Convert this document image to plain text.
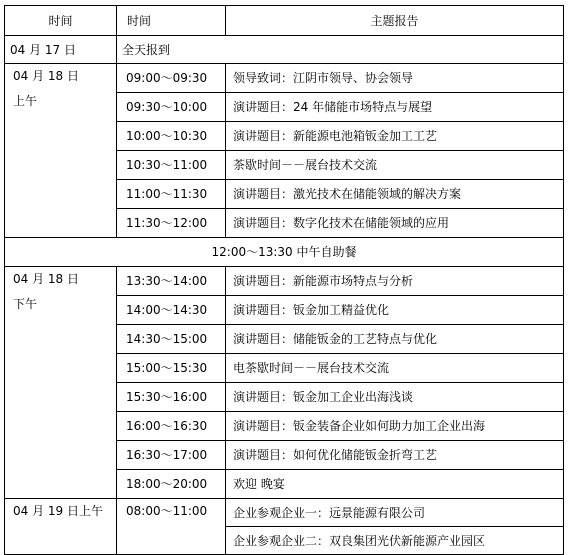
时间	时间	主题报告
04 月 17 日	全天报到	

04 月 18 日
上午	09:00～09:30	领导致词：江阴市领导、协会领导
	09:30～10:00	演讲题目：24 年储能市场特点与展望
	10:00～10:30	演讲题目：新能源电池箱钣金加工工艺
	10:30～11:00	茶歇时间－－展台技术交流
	11:00～11:30	演讲题目：激光技术在储能领域的解决方案
	11:30～12:00	演讲题目：数字化技术在储能领域的应用
12:00～13:30 中午自助餐		

04 月 18 日
下午	13:30～14:00	演讲题目：新能源市场特点与分析
	14:00～14:30	演讲题目：钣金加工精益优化
	14:30～15:00	演讲题目：储能钣金的工艺特点与优化
	15:00～15:30	电茶歇时间－－展台技术交流
	15:30～16:00	演讲题目：钣金加工企业出海浅谈
	16:00～16:30	演讲题目：钣金装备企业如何助力加工企业出海
	16:30～17:00	演讲题目：如何优化储能钣金折弯工艺
	18:00～20:00	欢迎 晚宴

04 月 19 日上午	08:00～11:00	企业参观企业一：远景能源有限公司
		企业参观企业二：双良集团光伏新能源产业园区
